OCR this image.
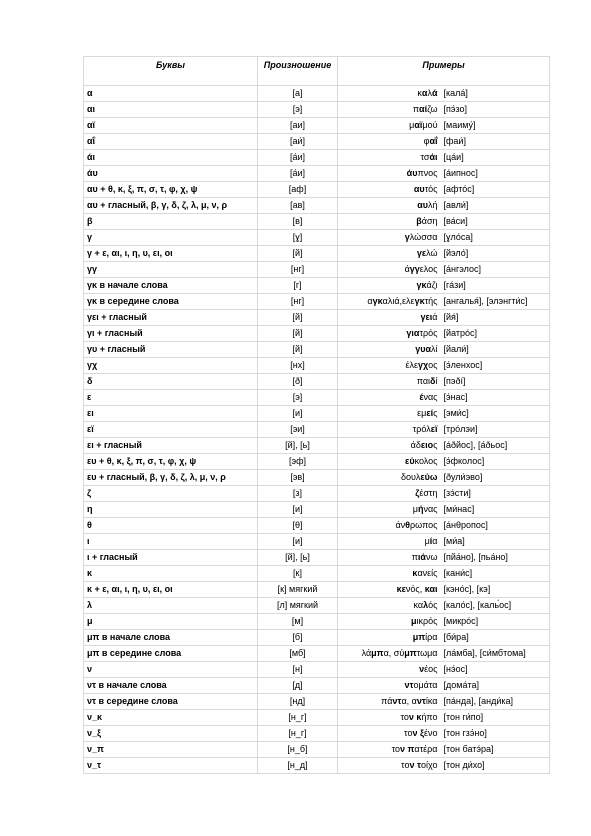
Буквы	Произношение	Примеры	
α	[а]	καλά	[кала́]
αι	[э]	παίζω	[пэ́зо]
αϊ	[аи]	μαϊμού	[маиму́]
αΐ	[аи́]	φαΐ	[фаи́]
άι	[а́и]	τσάι	[ца́и]
άυ	[а́и]	άυπνος	[а́ипнос]
αυ + θ, κ, ξ, π, σ, τ, φ, χ, ψ	[аф]	αυτός	[афто́с]
αυ + гласный, β, γ, δ, ζ, λ, μ, ν, ρ	[ав]	αυλή	[авли́]
β	[в]	βάση	[ва́си]
γ	[ɣ]	γλώσσα	[ɣло́са]
γ + ε, αι, ι, η, υ, ει, οι	[й]	γελώ	[йэло́]
γγ	[нг]	άγγελος	[а́нгэлос]
γκ в начале слова	[г]	γκάζι	[га́зи]
γκ в середине слова	[нг]	αγκαλιά,ελεγκτής	[ангалья́], [элэнгти́с]
γει + гласный	[й]	γειά	[йя́]
γι + гласный	[й]	γιατρός	[йатро́с]
γυ + гласный	[й]	γυαλί	[йали́]
γχ	[нх]	έλεγχος	[э́ленхос]
δ	[ð]	παιδί	[пэðí]
ε	[э]	ένας	[э́нас]
ει	[и]	εμείς	[эми́с]
εϊ	[эи]	τρόλεϊ	[тро́лэи]
ει + гласный	[й], [ь]	άδειος	[а́ðйос], [а́ðьос]
ευ + θ, κ, ξ, π, σ, τ, φ, χ, ψ	[эф]	εύκολος	[э́фколос]
ευ + гласный, β, γ, δ, ζ, λ, μ, ν, ρ	[эв]	δουλεύω	[ðули́эво]
ζ	[з]	ζέστη	[зэ́сти]
η	[и]	μήνας	[ми́нас]
θ	[θ]	άνθρωπος	[а́нθропос]
ι	[и]	μία	[ми́а]
ι + гласный	[й], [ь]	πιάνω	[пйа́но], [пьа́но]
κ	[к]	κανείς	[кани́с]
κ + ε, αι, ι, η, υ, ει, οι	[к] мягкий	κενός, και	[кэно́с], [кэ]
λ	[л] мягкий	καλός	[кало́с], [каль́ос]
μ	[м]	μικρός	[микро́с]
μπ в начале слова	[б]	μπίρα	[би́ра]
μπ в середине слова	[мб]	λάμπα, σύμπτωμα	[ла́мба], [си́мбтома]
ν	[н]	νέος	[нэ́ос]
ντ в начале слова	[д]	ντομάτα	[дома́та]
ντ в середине слова	[нд]	πάντα, αντίκα	[па́нда], [анди́ка]
ν_κ	[н_г]	τον κήπο	[тон ги́по]
ν_ξ	[н_г]	τον ξένο	[тон гзэ́но]
ν_π	[н_б]	τον πατέρα	[тон батэ́ра]
ν_τ	[н_д]	τον τοίχο	[тон ди́хо]
